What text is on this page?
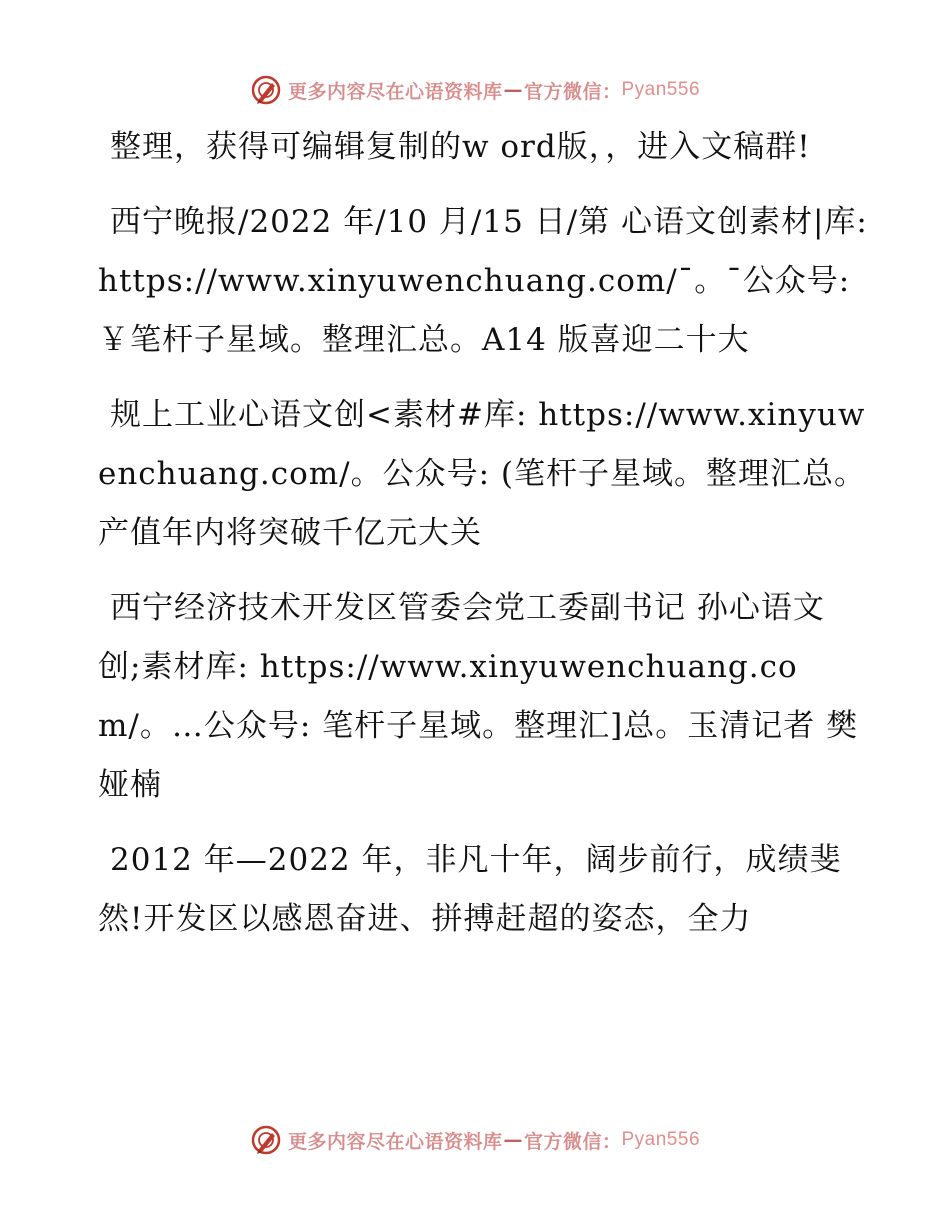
更多内容尽在心语资料库 — 官方微信： Pyan556

整理，获得可编辑复制的w ord版，，进入文稿群!

西宁晚报/2022 年/10 月/15 日/第 心语文创素材|库: https://www.xinyuwenchuang.com/¯。¯公众号: ￥笔杆子星域。整理汇总。A14 版喜迎二十大

规上工业心语文创<素材#库: https://www.xinyuwenchuang.com/。公众号: (笔杆子星域。整理汇总。产值年内将突破千亿元大关

西宁经济技术开发区管委会党工委副书记 孙心语文创;素材库: https://www.xinyuwenchuang.com/。…公众号: 笔杆子星域。整理汇]总。玉清记者 樊娅楠

2012 年—2022 年，非凡十年，阔步前行，成绩斐然!开发区以感恩奋进、拼搏赶超的姿态，全力

更多内容尽在心语资料库 — 官方微信： Pyan556
